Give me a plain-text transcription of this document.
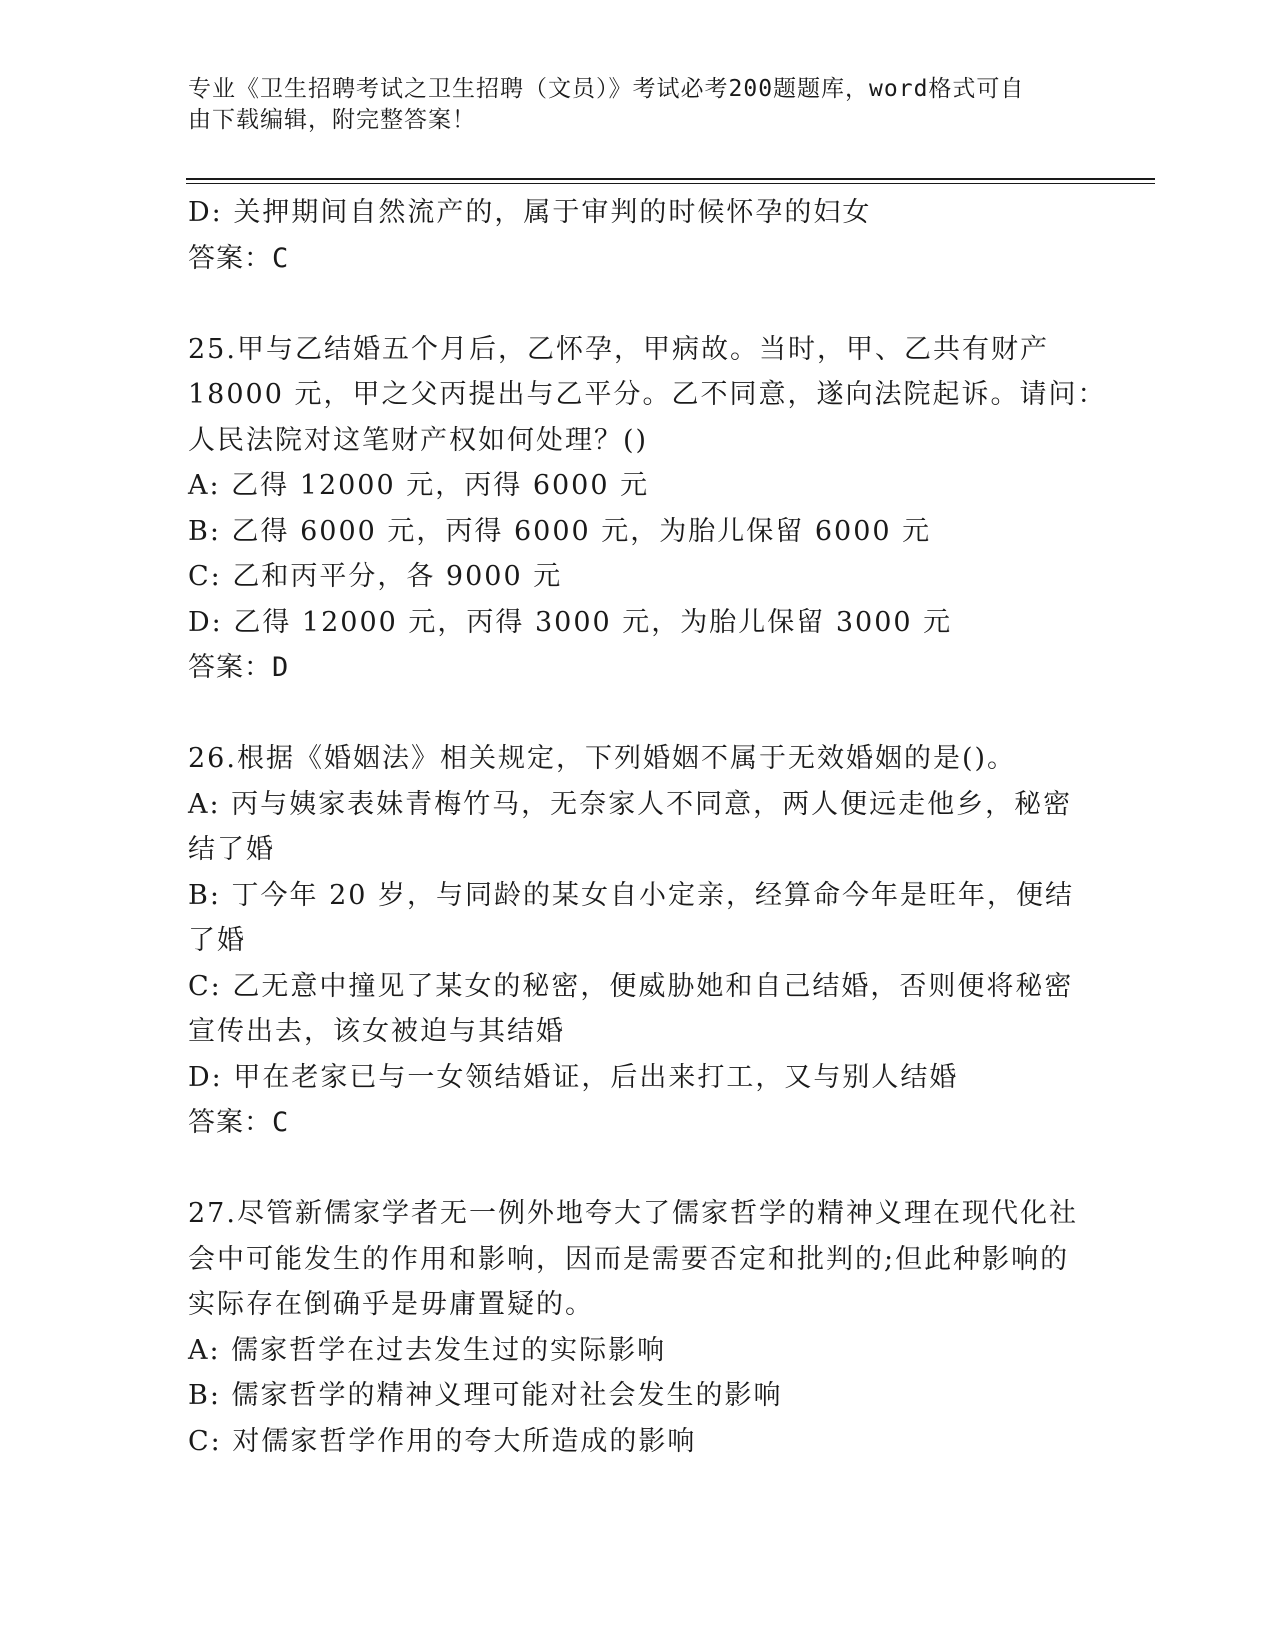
专业《卫生招聘考试之卫生招聘（文员）》考试必考200题题库，word格式可自
由下载编辑，附完整答案！

D: 关押期间自然流产的，属于审判的时候怀孕的妇女

答案：C

25.甲与乙结婚五个月后，乙怀孕，甲病故。当时，甲、乙共有财产

18000 元，甲之父丙提出与乙平分。乙不同意，遂向法院起诉。请问：

人民法院对这笔财产权如何处理？()

A: 乙得 12000 元，丙得 6000 元

B: 乙得 6000 元，丙得 6000 元，为胎儿保留 6000 元

C: 乙和丙平分，各 9000 元

D: 乙得 12000 元，丙得 3000 元，为胎儿保留 3000 元

答案：D

26.根据《婚姻法》相关规定，下列婚姻不属于无效婚姻的是()。

A: 丙与姨家表妹青梅竹马，无奈家人不同意，两人便远走他乡，秘密

结了婚

B: 丁今年 20 岁，与同龄的某女自小定亲，经算命今年是旺年，便结

了婚

C: 乙无意中撞见了某女的秘密，便威胁她和自己结婚，否则便将秘密

宣传出去，该女被迫与其结婚

D: 甲在老家已与一女领结婚证，后出来打工，又与别人结婚

答案：C

27.尽管新儒家学者无一例外地夸大了儒家哲学的精神义理在现代化社

会中可能发生的作用和影响，因而是需要否定和批判的;但此种影响的

实际存在倒确乎是毋庸置疑的。

A: 儒家哲学在过去发生过的实际影响

B: 儒家哲学的精神义理可能对社会发生的影响

C: 对儒家哲学作用的夸大所造成的影响
